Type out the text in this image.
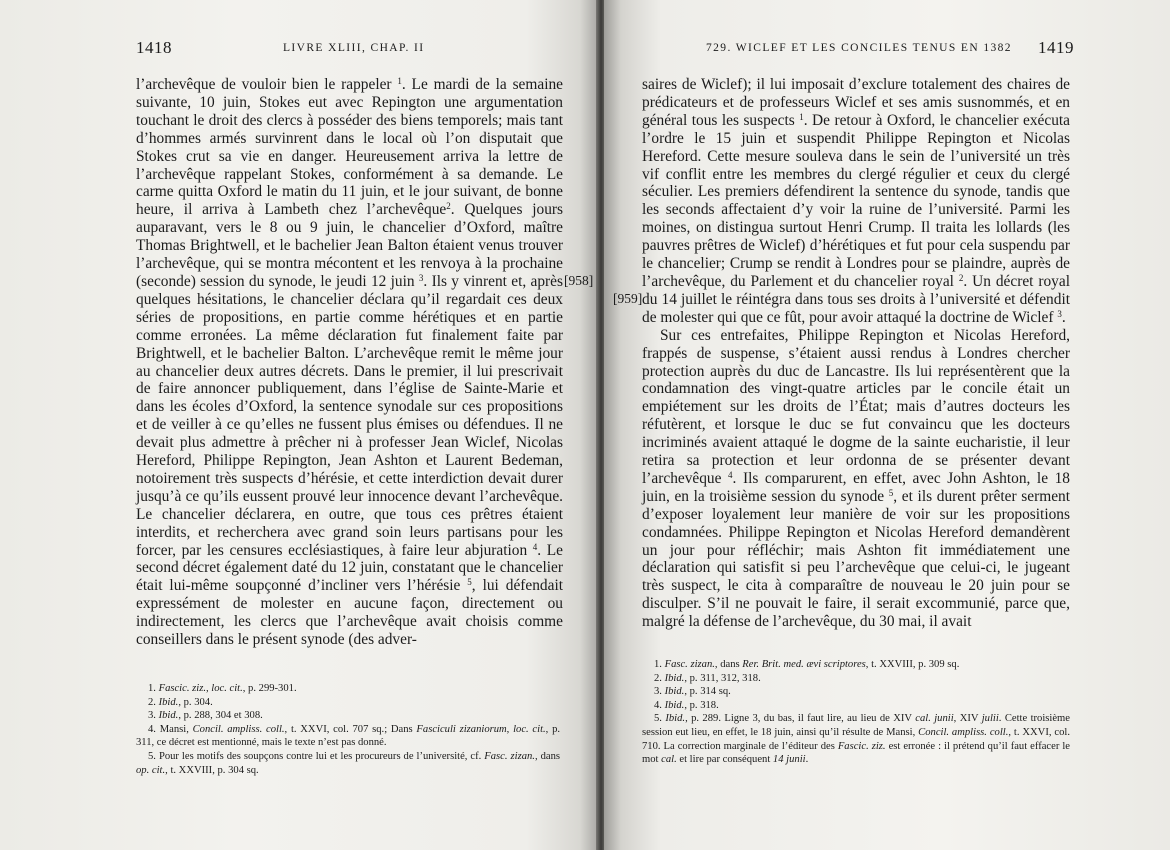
1418	LIVRE XLIII, CHAP. II

l’archevêque de vouloir bien le rappeler $^1$. Le mardi de la semaine suivante, 10 juin, Stokes eut avec Repington une argumentation touchant le droit des clercs à posséder des biens temporels; mais tant d’hommes armés survinrent dans le local où l’on disputait que Stokes crut sa vie en danger. Heureusement arriva la lettre de l’archevêque rappelant Stokes, conformément à sa demande. Le carme quitta Oxford le matin du 11 juin, et le jour suivant, de bonne heure, il arriva à Lambeth chez l’archevêque$^2$. Quelques jours auparavant, vers le 8 ou 9 juin, le chancelier d’Oxford, maître Thomas Brightwell, et le bachelier Jean Balton étaient venus trouver l’archevêque, qui se montra mécontent et les renvoya à la prochaine (seconde) session du synode, le jeudi 12 juin $^3$. Ils y vinrent et, après quelques hésitations, le chancelier déclara qu’il regardait ces deux séries de propositions, en partie comme hérétiques et en partie comme erronées. La même déclaration fut finalement faite par Brightwell, et le bachelier Balton. L’archevêque remit le même jour au chancelier deux autres décrets. Dans le premier, il lui prescrivait de faire annoncer publiquement, dans l’église de Sainte-Marie et dans les écoles d’Oxford, la sentence synodale sur ces propositions et de veiller à ce qu’elles ne fussent plus émises ou défendues. Il ne devait plus admettre à prêcher ni à professer Jean Wiclef, Nicolas Hereford, Philippe Repington, Jean Ashton et Laurent Bedeman, notoirement très suspects d’hérésie, et cette interdiction devait durer jusqu’à ce qu’ils eussent prouvé leur innocence devant l’archevêque. Le chancelier déclarera, en outre, que tous ces prêtres étaient interdits, et recherchera avec grand soin leurs partisans pour les forcer, par les censures ecclésiastiques, à faire leur abjuration $^4$. Le second décret également daté du 12 juin, constatant que le chancelier était lui-même soupçonné d’incliner vers l’hérésie $^5$, lui défendait expressément de molester en aucune façon, directement ou indirectement, les clercs que l’archevêque avait choisis comme conseillers dans le présent synode (des adver-

1. Fascic. ziz., loc. cit., p. 299-301.
2. Ibid., p. 304.
3. Ibid., p. 288, 304 et 308.
4. Mansi, Concil. ampliss. coll., t. XXVI, col. 707 sq.; Dans Fasciculi zizaniorum, loc. cit., p. 311, ce décret est mentionné, mais le texte n’est pas donné.
5. Pour les motifs des soupçons contre lui et les procureurs de l’université, cf. Fasc. zizan., dans op. cit., t. XXVIII, p. 304 sq.
729. WICLEF ET LES CONCILES TENUS EN 1382 1419

saires de Wiclef); il lui imposait d’exclure totalement des chaires de prédicateurs et de professeurs Wiclef et ses amis susnommés, et en général tous les suspects $^1$. De retour à Oxford, le chancelier exécuta l’ordre le 15 juin et suspendit Philippe Repington et Nicolas Hereford. Cette mesure souleva dans le sein de l’université un très vif conflit entre les membres du clergé régulier et ceux du clergé séculier. Les premiers défendirent la sentence du synode, tandis que les seconds affectaient d’y voir la ruine de l’université. Parmi les moines, on distingua surtout Henri Crump. Il traita les lollards (les pauvres prêtres de Wiclef) d’hérétiques et fut pour cela suspendu par le chancelier; Crump se rendit à Londres pour se plaindre, auprès de l’archevêque, du Parlement et du chancelier royal $^2$. Un décret royal du 14 juillet le réintégra dans tous ses droits à l’université et défendit de molester qui que ce fût, pour avoir attaqué la doctrine de Wiclef $^3$.

Sur ces entrefaites, Philippe Repington et Nicolas Hereford, frappés de suspense, s’étaient aussi rendus à Londres chercher protection auprès du duc de Lancastre. Ils lui représentèrent que la condamnation des vingt-quatre articles par le concile était un empiétement sur les droits de l’État; mais d’autres docteurs les réfutèrent, et lorsque le duc se fut convaincu que les docteurs incriminés avaient attaqué le dogme de la sainte eucharistie, il leur retira sa protection et leur ordonna de se présenter devant l’archevêque $^4$. Ils comparurent, en effet, avec John Ashton, le 18 juin, en la troisième session du synode $^5$, et ils durent prêter serment d’exposer loyalement leur manière de voir sur les propositions condamnées. Philippe Repington et Nicolas Hereford demandèrent un jour pour réfléchir; mais Ashton fit immédiatement une déclaration qui satisfit si peu l’archevêque que celui-ci, le jugeant très suspect, le cita à comparaître de nouveau le 20 juin pour se disculper. S’il ne pouvait le faire, il serait excommunié, parce que, malgré la défense de l’archevêque, du 30 mai, il avait

1. Fasc. zizan., dans Rer. Brit. med. ævi scriptores, t. XXVIII, p. 309 sq.
2. Ibid., p. 311, 312, 318.
3. Ibid., p. 314 sq.
4. Ibid., p. 318.
5. Ibid., p. 289. Ligne 3, du bas, il faut lire, au lieu de XIV cal. junii, XIV julii. Cette troisième session eut lieu, en effet, le 18 juin, ainsi qu’il résulte de Mansi, Concil. ampliss. coll., t. XXVI, col. 710. La correction marginale de l’éditeur des Fascic. ziz. est erronée : il prétend qu’il faut effacer le mot cal. et lire par conséquent 14 junii.
[958]
[959]
